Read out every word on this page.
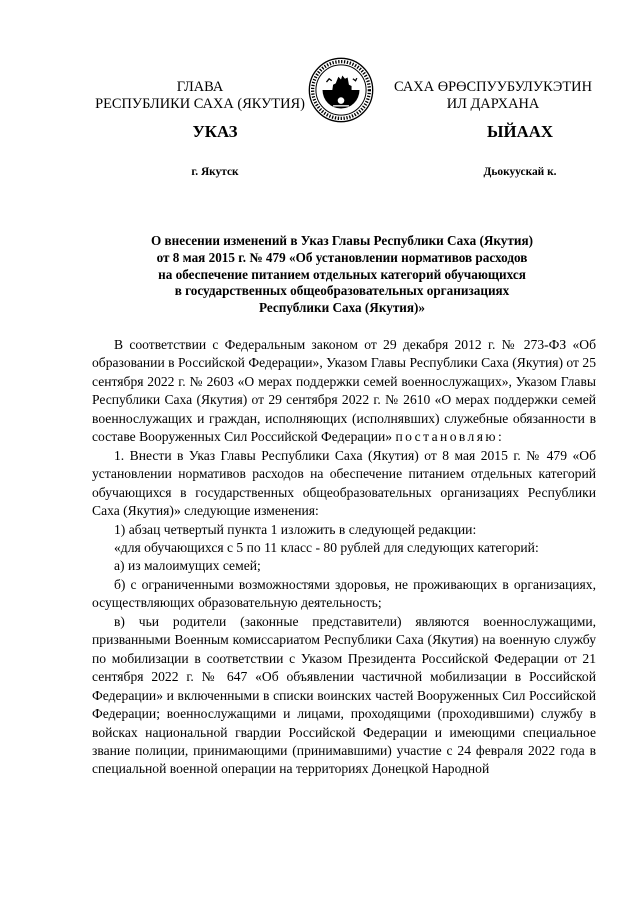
ГЛАВА
РЕСПУБЛИКИ САХА (ЯКУТИЯ)
САХА ӨРӨСПУУБУЛУКЭТИН
ИЛ ДАРХАНА
УКАЗ	ЫЙААХ
г. Якутск	Дьокуускай к.
О внесении изменений в Указ Главы Республики Саха (Якутия)
от 8 мая 2015 г. № 479 «Об установлении нормативов расходов
на обеспечение питанием отдельных категорий обучающихся
в государственных общеобразовательных организациях
Республики Саха (Якутия)»

В соответствии с Федеральным законом от 29 декабря 2012 г. № 273-ФЗ «Об образовании в Российской Федерации», Указом Главы Республики Саха (Якутия) от 25 сентября 2022 г. № 2603 «О мерах поддержки семей военнослужащих», Указом Главы Республики Саха (Якутия) от 29 сентября 2022 г. № 2610 «О мерах поддержки семей военнослужащих и граждан, исполняющих (исполнявших) служебные обязанности в составе Вооруженных Сил Российской Федерации» постановляю:

1. Внести в Указ Главы Республики Саха (Якутия) от 8 мая 2015 г. № 479 «Об установлении нормативов расходов на обеспечение питанием отдельных категорий обучающихся в государственных общеобразовательных организациях Республики Саха (Якутия)» следующие изменения:

1) абзац четвертый пункта 1 изложить в следующей редакции:

«для обучающихся с 5 по 11 класс - 80 рублей для следующих категорий:

а) из малоимущих семей;

б) с ограниченными возможностями здоровья, не проживающих в организациях, осуществляющих образовательную деятельность;

в) чьи родители (законные представители) являются военнослужащими, призванными Военным комиссариатом Республики Саха (Якутия) на военную службу по мобилизации в соответствии с Указом Президента Российской Федерации от 21 сентября 2022 г. № 647 «Об объявлении частичной мобилизации в Российской Федерации» и включенными в списки воинских частей Вооруженных Сил Российской Федерации; военнослужащими и лицами, проходящими (проходившими) службу в войсках национальной гвардии Российской Федерации и имеющими специальное звание полиции, принимающими (принимавшими) участие с 24 февраля 2022 года в специальной военной операции на территориях Донецкой Народной
